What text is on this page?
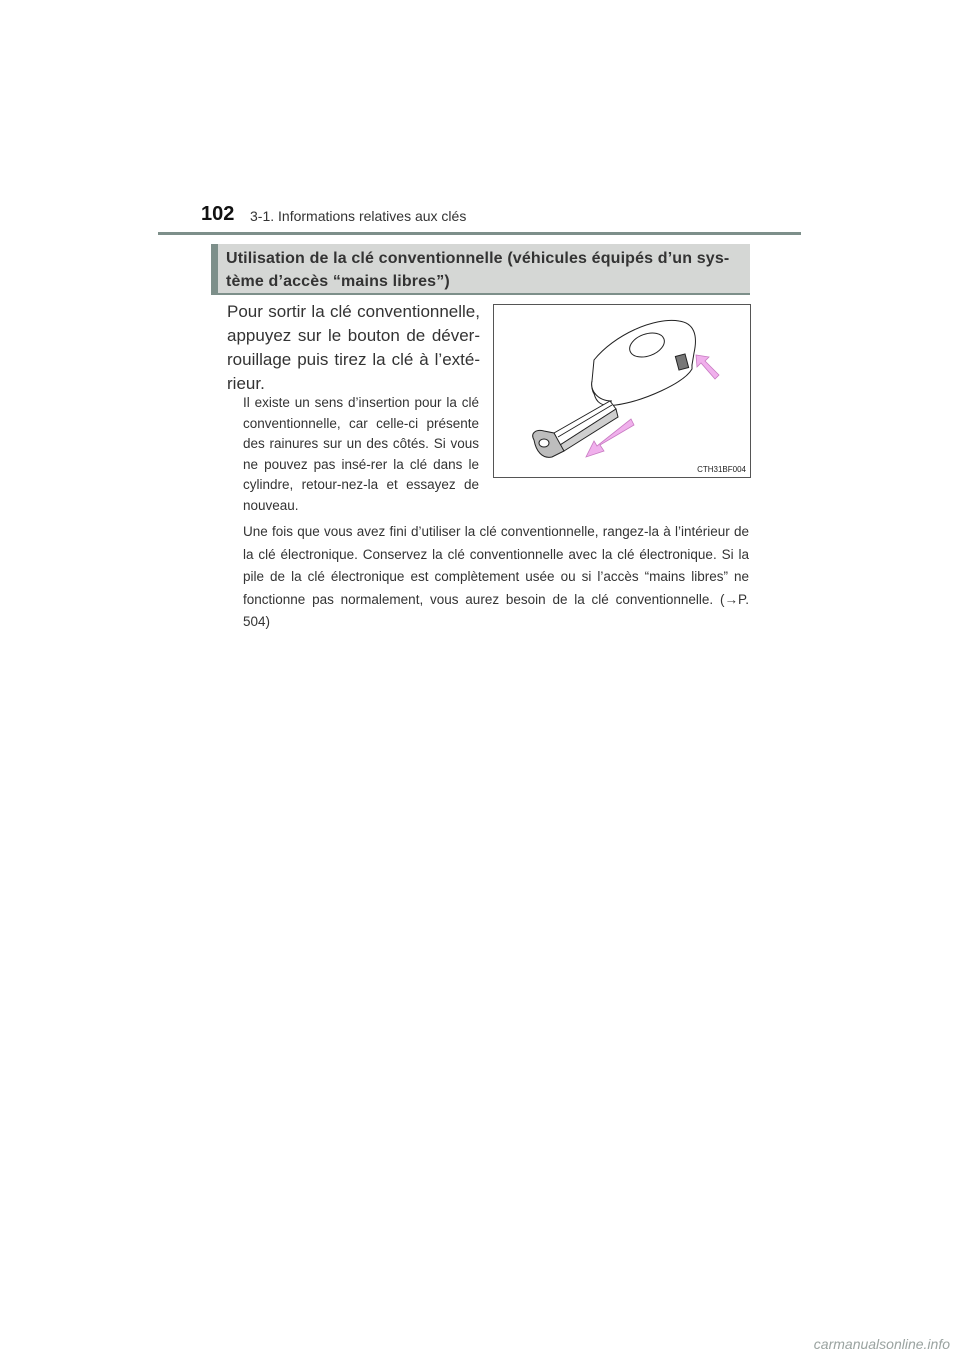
102 3-1. Informations relatives aux clés
Utilisation de la clé conventionnelle (véhicules équipés d’un sys-tème d’accès “mains libres”)
Pour sortir la clé conventionnelle, appuyez sur le bouton de déver-rouillage puis tirez la clé à l’exté-rieur.
Il existe un sens d’insertion pour la clé conventionnelle, car celle-ci présente des rainures sur un des côtés. Si vous ne pouvez pas insé-rer la clé dans le cylindre, retour-nez-la et essayez de nouveau.
CTH31BF004
Une fois que vous avez fini d’utiliser la clé conventionnelle, rangez-la à l’intérieur de la clé électronique. Conservez la clé conventionnelle avec la clé électronique. Si la pile de la clé électronique est complètement usée ou si l’accès “mains libres” ne fonctionne pas normalement, vous aurez besoin de la clé conventionnelle. (→P. 504)
carmanualsonline.info
